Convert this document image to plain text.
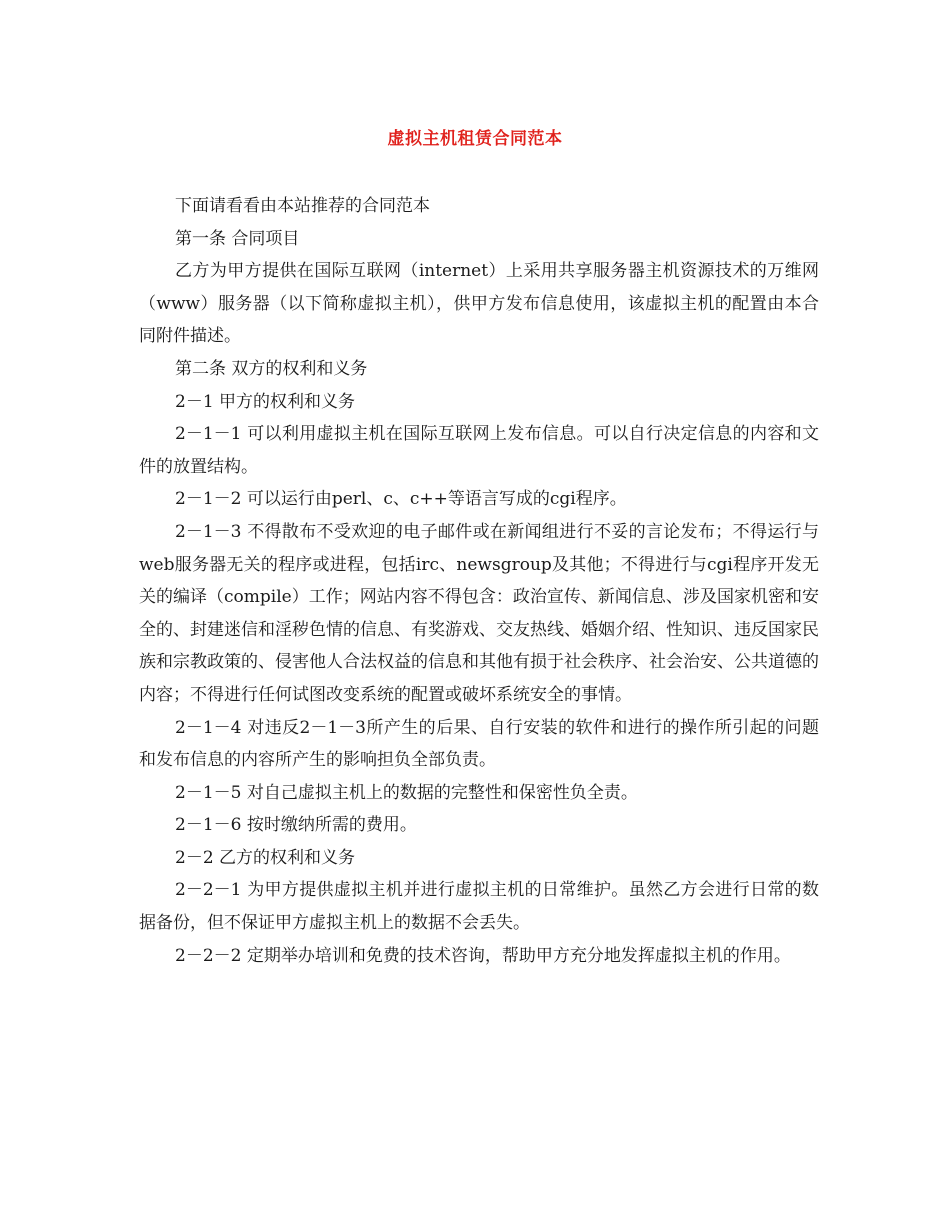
虚拟主机租赁合同范本

下面请看看由本站推荐的合同范本

第一条 合同项目

乙方为甲方提供在国际互联网（internet）上采用共享服务器主机资源技术的万维网（www）服务器（以下简称虚拟主机），供甲方发布信息使用，该虚拟主机的配置由本合同附件描述。

第二条 双方的权利和义务

2－1 甲方的权利和义务

2－1－1 可以利用虚拟主机在国际互联网上发布信息。可以自行决定信息的内容和文件的放置结构。

2－1－2 可以运行由perl、c、c++等语言写成的cgi程序。

2－1－3 不得散布不受欢迎的电子邮件或在新闻组进行不妥的言论发布；不得运行与web服务器无关的程序或进程，包括irc、newsgroup及其他；不得进行与cgi程序开发无关的编译（compile）工作；网站内容不得包含：政治宣传、新闻信息、涉及国家机密和安全的、封建迷信和淫秽色情的信息、有奖游戏、交友热线、婚姻介绍、性知识、违反国家民族和宗教政策的、侵害他人合法权益的信息和其他有损于社会秩序、社会治安、公共道德的内容；不得进行任何试图改变系统的配置或破坏系统安全的事情。

2－1－4 对违反2－1－3所产生的后果、自行安装的软件和进行的操作所引起的问题和发布信息的内容所产生的影响担负全部负责。

2－1－5 对自己虚拟主机上的数据的完整性和保密性负全责。

2－1－6 按时缴纳所需的费用。

2－2 乙方的权利和义务

2－2－1 为甲方提供虚拟主机并进行虚拟主机的日常维护。虽然乙方会进行日常的数据备份，但不保证甲方虚拟主机上的数据不会丢失。

2－2－2 定期举办培训和免费的技术咨询，帮助甲方充分地发挥虚拟主机的作用。
